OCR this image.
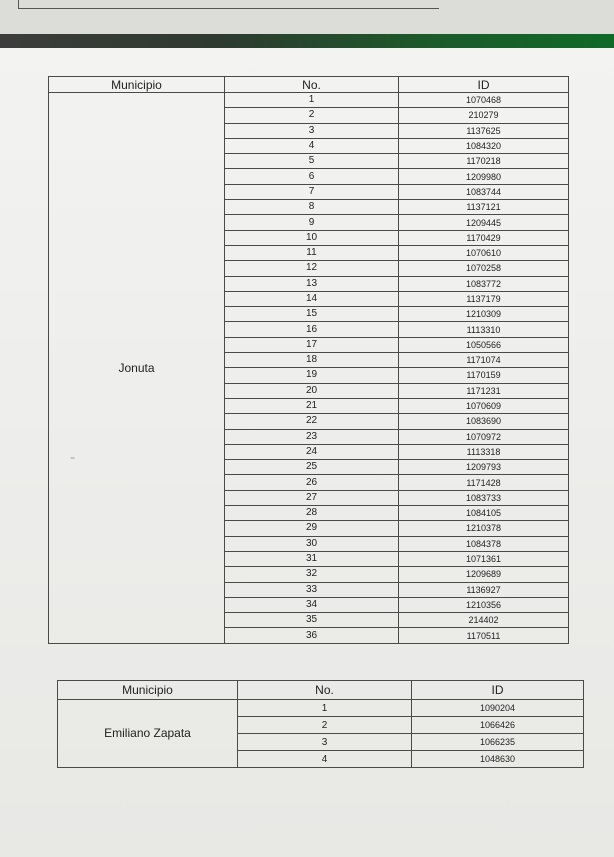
Municipio	No.	ID
Jonuta	1	1070468
	2	210279
	3	1137625
	4	1084320
	5	1170218
	6	1209980
	7	1083744
	8	1137121
	9	1209445
	10	1170429
	11	1070610
	12	1070258
	13	1083772
	14	1137179
	15	1210309
	16	1113310
	17	1050566
	18	1171074
	19	1170159
	20	1171231
	21	1070609
	22	1083690
	23	1070972
	24	1113318
	25	1209793
	26	1171428
	27	1083733
	28	1084105
	29	1210378
	30	1084378
	31	1071361
	32	1209689
	33	1136927
	34	1210356
	35	214402
	36	1170511
⁼
Municipio	No.	ID
Emiliano Zapata	1	1090204
	2	1066426
	3	1066235
	4	1048630
